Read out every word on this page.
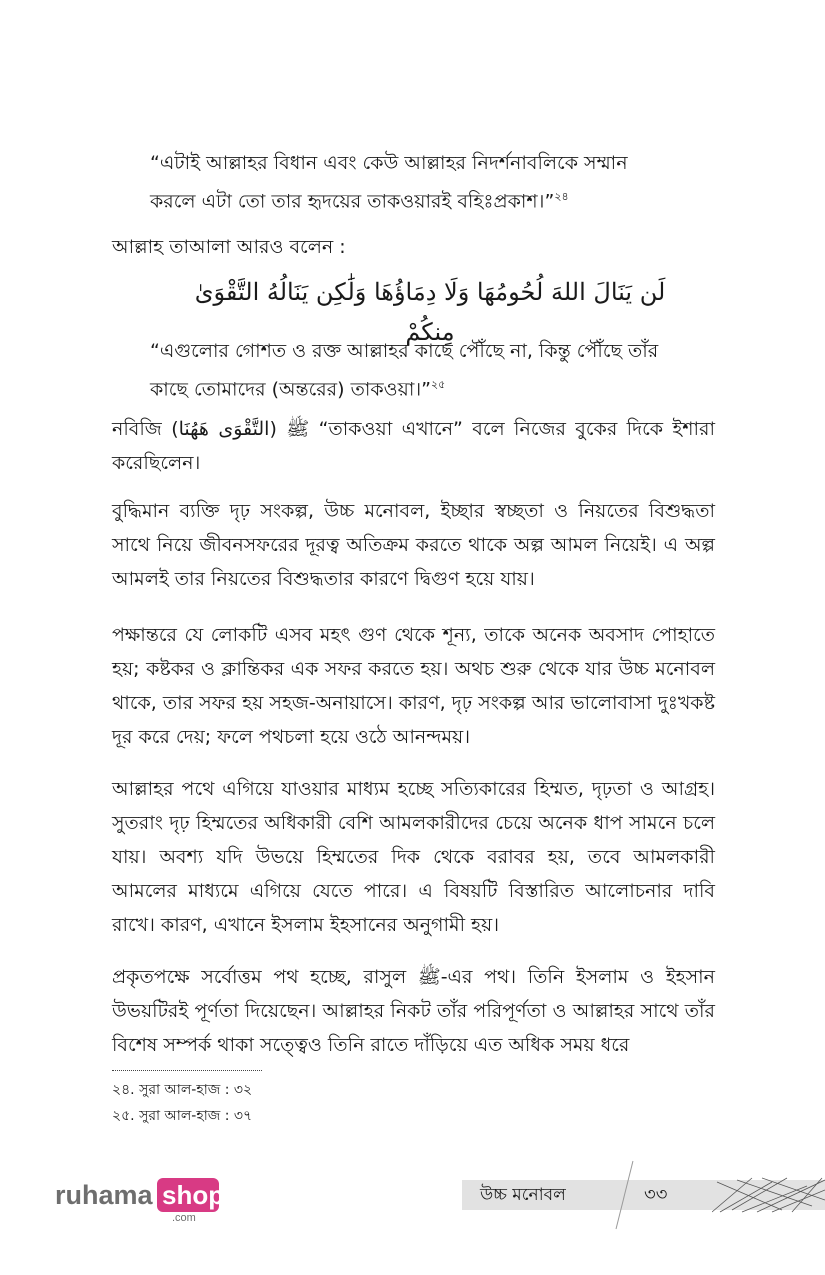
“এটাই আল্লাহর বিধান এবং কেউ আল্লাহর নিদর্শনাবলিকে সম্মান
করলে এটা তো তার হৃদয়ের তাকওয়ারই বহিঃপ্রকাশ।”$^{২৪}$
আল্লাহ তাআলা আরও বলেন :
لَن يَنَالَ اللهَ لُحُومُهَا وَلَا دِمَاؤُهَا وَلَٰكِن يَنَالُهُ التَّقْوَىٰ مِنكُمْ
“এগুলোর গোশত ও রক্ত আল্লাহর কাছে পৌঁছে না, কিন্তু পৌঁছে তাঁর
কাছে তোমাদের (অন্তরের) তাকওয়া।”$^{২৫}$
নবিজি ﷺ (التَّقْوَى هَهُنَا) “তাকওয়া এখানে” বলে নিজের বুকের দিকে ইশারা করেছিলেন।
বুদ্ধিমান ব্যক্তি দৃঢ় সংকল্প, উচ্চ মনোবল, ইচ্ছার স্বচ্ছতা ও নিয়তের বিশুদ্ধতা সাথে নিয়ে জীবনসফরের দূরত্ব অতিক্রম করতে থাকে অল্প আমল নিয়েই। এ অল্প আমলই তার নিয়তের বিশুদ্ধতার কারণে দ্বিগুণ হয়ে যায়।
পক্ষান্তরে যে লোকটি এসব মহৎ গুণ থেকে শূন্য, তাকে অনেক অবসাদ পোহাতে হয়; কষ্টকর ও ক্লান্তিকর এক সফর করতে হয়। অথচ শুরু থেকে যার উচ্চ মনোবল থাকে, তার সফর হয় সহজ-অনায়াসে। কারণ, দৃঢ় সংকল্প আর ভালোবাসা দুঃখকষ্ট দূর করে দেয়; ফলে পথচলা হয়ে ওঠে আনন্দময়।
আল্লাহর পথে এগিয়ে যাওয়ার মাধ্যম হচ্ছে সত্যিকারের হিম্মত, দৃঢ়তা ও আগ্রহ। সুতরাং দৃঢ় হিম্মতের অধিকারী বেশি আমলকারীদের চেয়ে অনেক ধাপ সামনে চলে যায়। অবশ্য যদি উভয়ে হিম্মতের দিক থেকে বরাবর হয়, তবে আমলকারী আমলের মাধ্যমে এগিয়ে যেতে পারে। এ বিষয়টি বিস্তারিত আলোচনার দাবি রাখে। কারণ, এখানে ইসলাম ইহসানের অনুগামী হয়।
প্রকৃতপক্ষে সর্বোত্তম পথ হচ্ছে, রাসুল ﷺ-এর পথ। তিনি ইসলাম ও ইহসান উভয়টিরই পূর্ণতা দিয়েছেন। আল্লাহর নিকট তাঁর পরিপূর্ণতা ও আল্লাহর সাথে তাঁর বিশেষ সম্পর্ক থাকা সত্ত্বেও তিনি রাতে দাঁড়িয়ে এত অধিক সময় ধরে
২৪. সুরা আল-হাজ : ৩২
২৫. সুরা আল-হাজ : ৩৭
ruhama shop
.com
উচ্চ মনোবল	৩৩
